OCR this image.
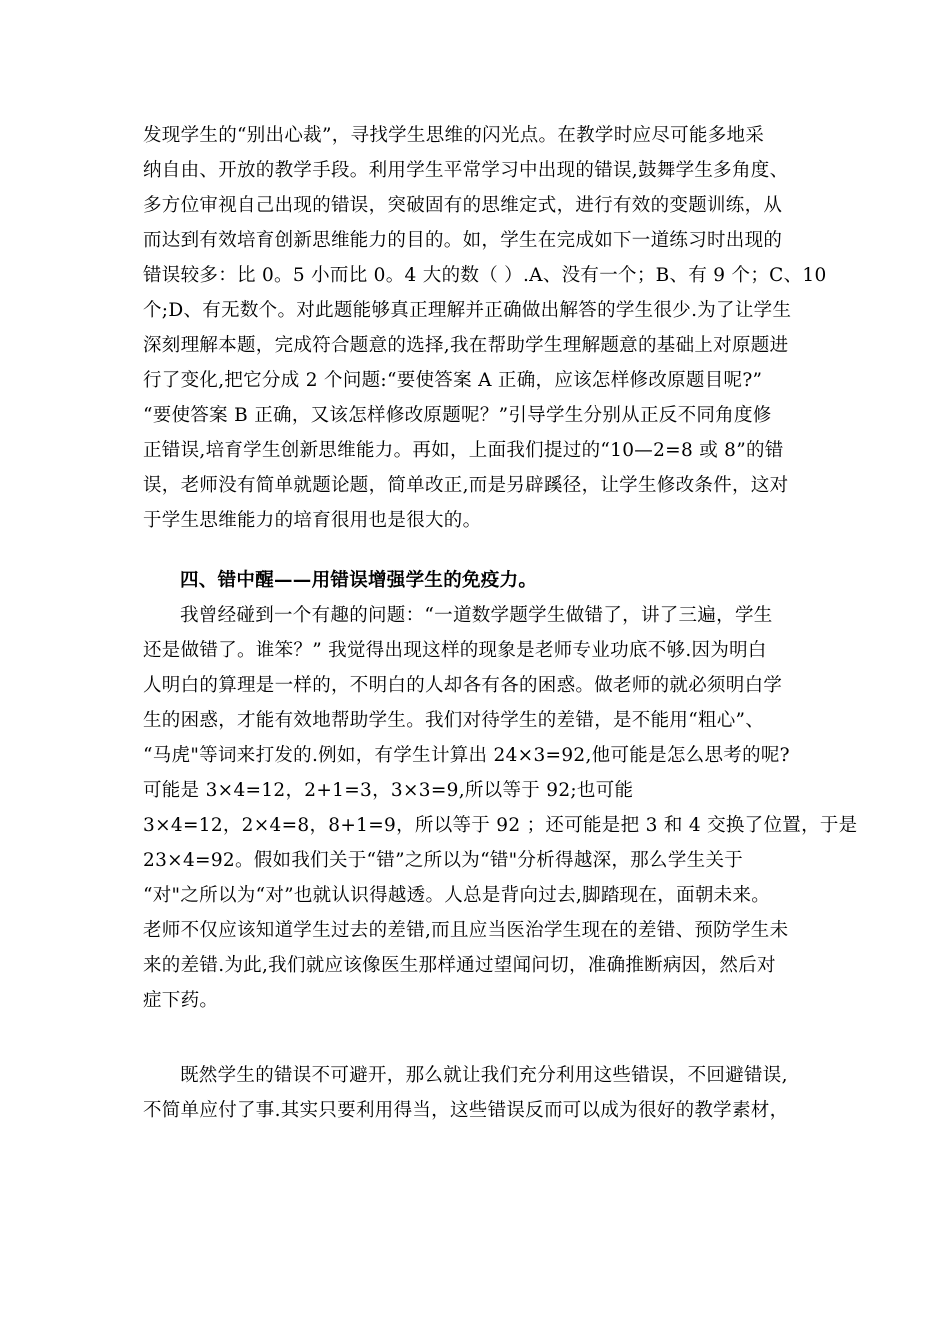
发现学生的“别出心裁”，寻找学生思维的闪光点。在教学时应尽可能多地采
纳自由、开放的教学手段。利用学生平常学习中出现的错误,鼓舞学生多角度、
多方位审视自己出现的错误，突破固有的思维定式，进行有效的变题训练，从
而达到有效培育创新思维能力的目的。如，学生在完成如下一道练习时出现的
错误较多：比 0。5 小而比 0。4 大的数（ ）.A、没有一个；B、有 9 个；C、10
个;D、有无数个。对此题能够真正理解并正确做出解答的学生很少.为了让学生
深刻理解本题，完成符合题意的选择,我在帮助学生理解题意的基础上对原题进
行了变化,把它分成 2 个问题:“要使答案 A 正确，应该怎样修改原题目呢?”
“要使答案 B 正确，又该怎样修改原题呢？”引导学生分别从正反不同角度修
正错误,培育学生创新思维能力。再如，上面我们提过的“10—2=8 或 8”的错
误，老师没有简单就题论题，简单改正,而是另辟蹊径，让学生修改条件，这对
于学生思维能力的培育很用也是很大的。
四、错中醒——用错误增强学生的免疫力。
我曾经碰到一个有趣的问题：“一道数学题学生做错了，讲了三遍，学生
还是做错了。谁笨？” 我觉得出现这样的现象是老师专业功底不够.因为明白
人明白的算理是一样的，不明白的人却各有各的困惑。做老师的就必须明白学
生的困惑，才能有效地帮助学生。我们对待学生的差错，是不能用“粗心”、
“马虎"等词来打发的.例如，有学生计算出 24×3=92,他可能是怎么思考的呢?
可能是 3×4=12，2+1=3，3×3=9,所以等于 92;也可能
3×4=12，2×4=8，8+1=9，所以等于 92 ；还可能是把 3 和 4 交换了位置，于是
23×4=92。假如我们关于“错”之所以为“错"分析得越深，那么学生关于
“对"之所以为“对”也就认识得越透。人总是背向过去,脚踏现在，面朝未来。
老师不仅应该知道学生过去的差错,而且应当医治学生现在的差错、预防学生未
来的差错.为此,我们就应该像医生那样通过望闻问切，准确推断病因，然后对
症下药。
既然学生的错误不可避开，那么就让我们充分利用这些错误，不回避错误,
不简单应付了事.其实只要利用得当，这些错误反而可以成为很好的教学素材，
